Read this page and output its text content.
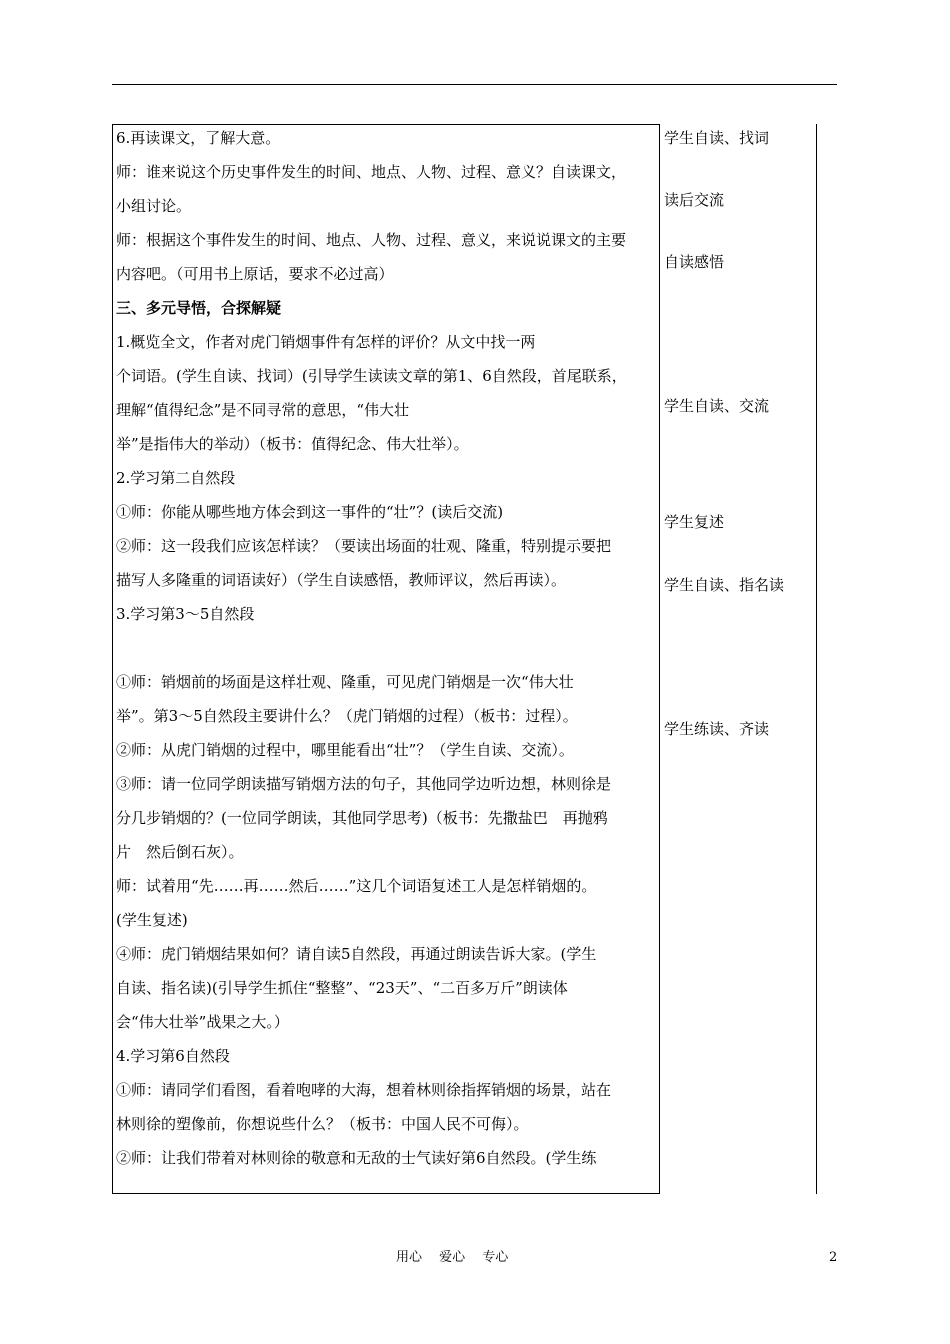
6.再读课文，了解大意。
师：谁来说这个历史事件发生的时间、地点、人物、过程、意义？自读课文，
小组讨论。
师：根据这个事件发生的时间、地点、人物、过程、意义，来说说课文的主要
内容吧。（可用书上原话，要求不必过高）
三、多元导悟，合探解疑
1.概览全文，作者对虎门销烟事件有怎样的评价？从文中找一两
个词语。(学生自读、找词）(引导学生读读文章的第1、6自然段，首尾联系，
理解“值得纪念”是不同寻常的意思，“伟大壮
举”是指伟大的举动）（板书：值得纪念、伟大壮举）。
2.学习第二自然段
①师：你能从哪些地方体会到这一事件的“壮”？(读后交流)
②师：这一段我们应该怎样读？（要读出场面的壮观、隆重，特别提示要把
描写人多隆重的词语读好）（学生自读感悟，教师评议，然后再读）。
3.学习第3～5自然段
①师：销烟前的场面是这样壮观、隆重，可见虎门销烟是一次“伟大壮
举”。第3～5自然段主要讲什么？（虎门销烟的过程）（板书：过程）。
②师：从虎门销烟的过程中，哪里能看出“壮”？（学生自读、交流）。
③师：请一位同学朗读描写销烟方法的句子，其他同学边听边想，林则徐是
分几步销烟的？(一位同学朗读，其他同学思考)（板书：先撒盐巴　再抛鸦
片　然后倒石灰）。
师：试着用“先……再……然后……”这几个词语复述工人是怎样销烟的。
(学生复述)
④师：虎门销烟结果如何？请自读5自然段，再通过朗读告诉大家。(学生
自读、指名读)(引导学生抓住“整整”、“23天”、“二百多万斤”朗读体
会“伟大壮举”战果之大。）
4.学习第6自然段
①师：请同学们看图，看着咆哮的大海，想着林则徐指挥销烟的场景，站在
林则徐的塑像前，你想说些什么？（板书：中国人民不可侮）。
②师：让我们带着对林则徐的敬意和无敌的士气读好第6自然段。(学生练
学生自读、找词
读后交流
自读感悟
学生自读、交流
学生复述
学生自读、指名读
学生练读、齐读
用心　 爱心　 专心	2
